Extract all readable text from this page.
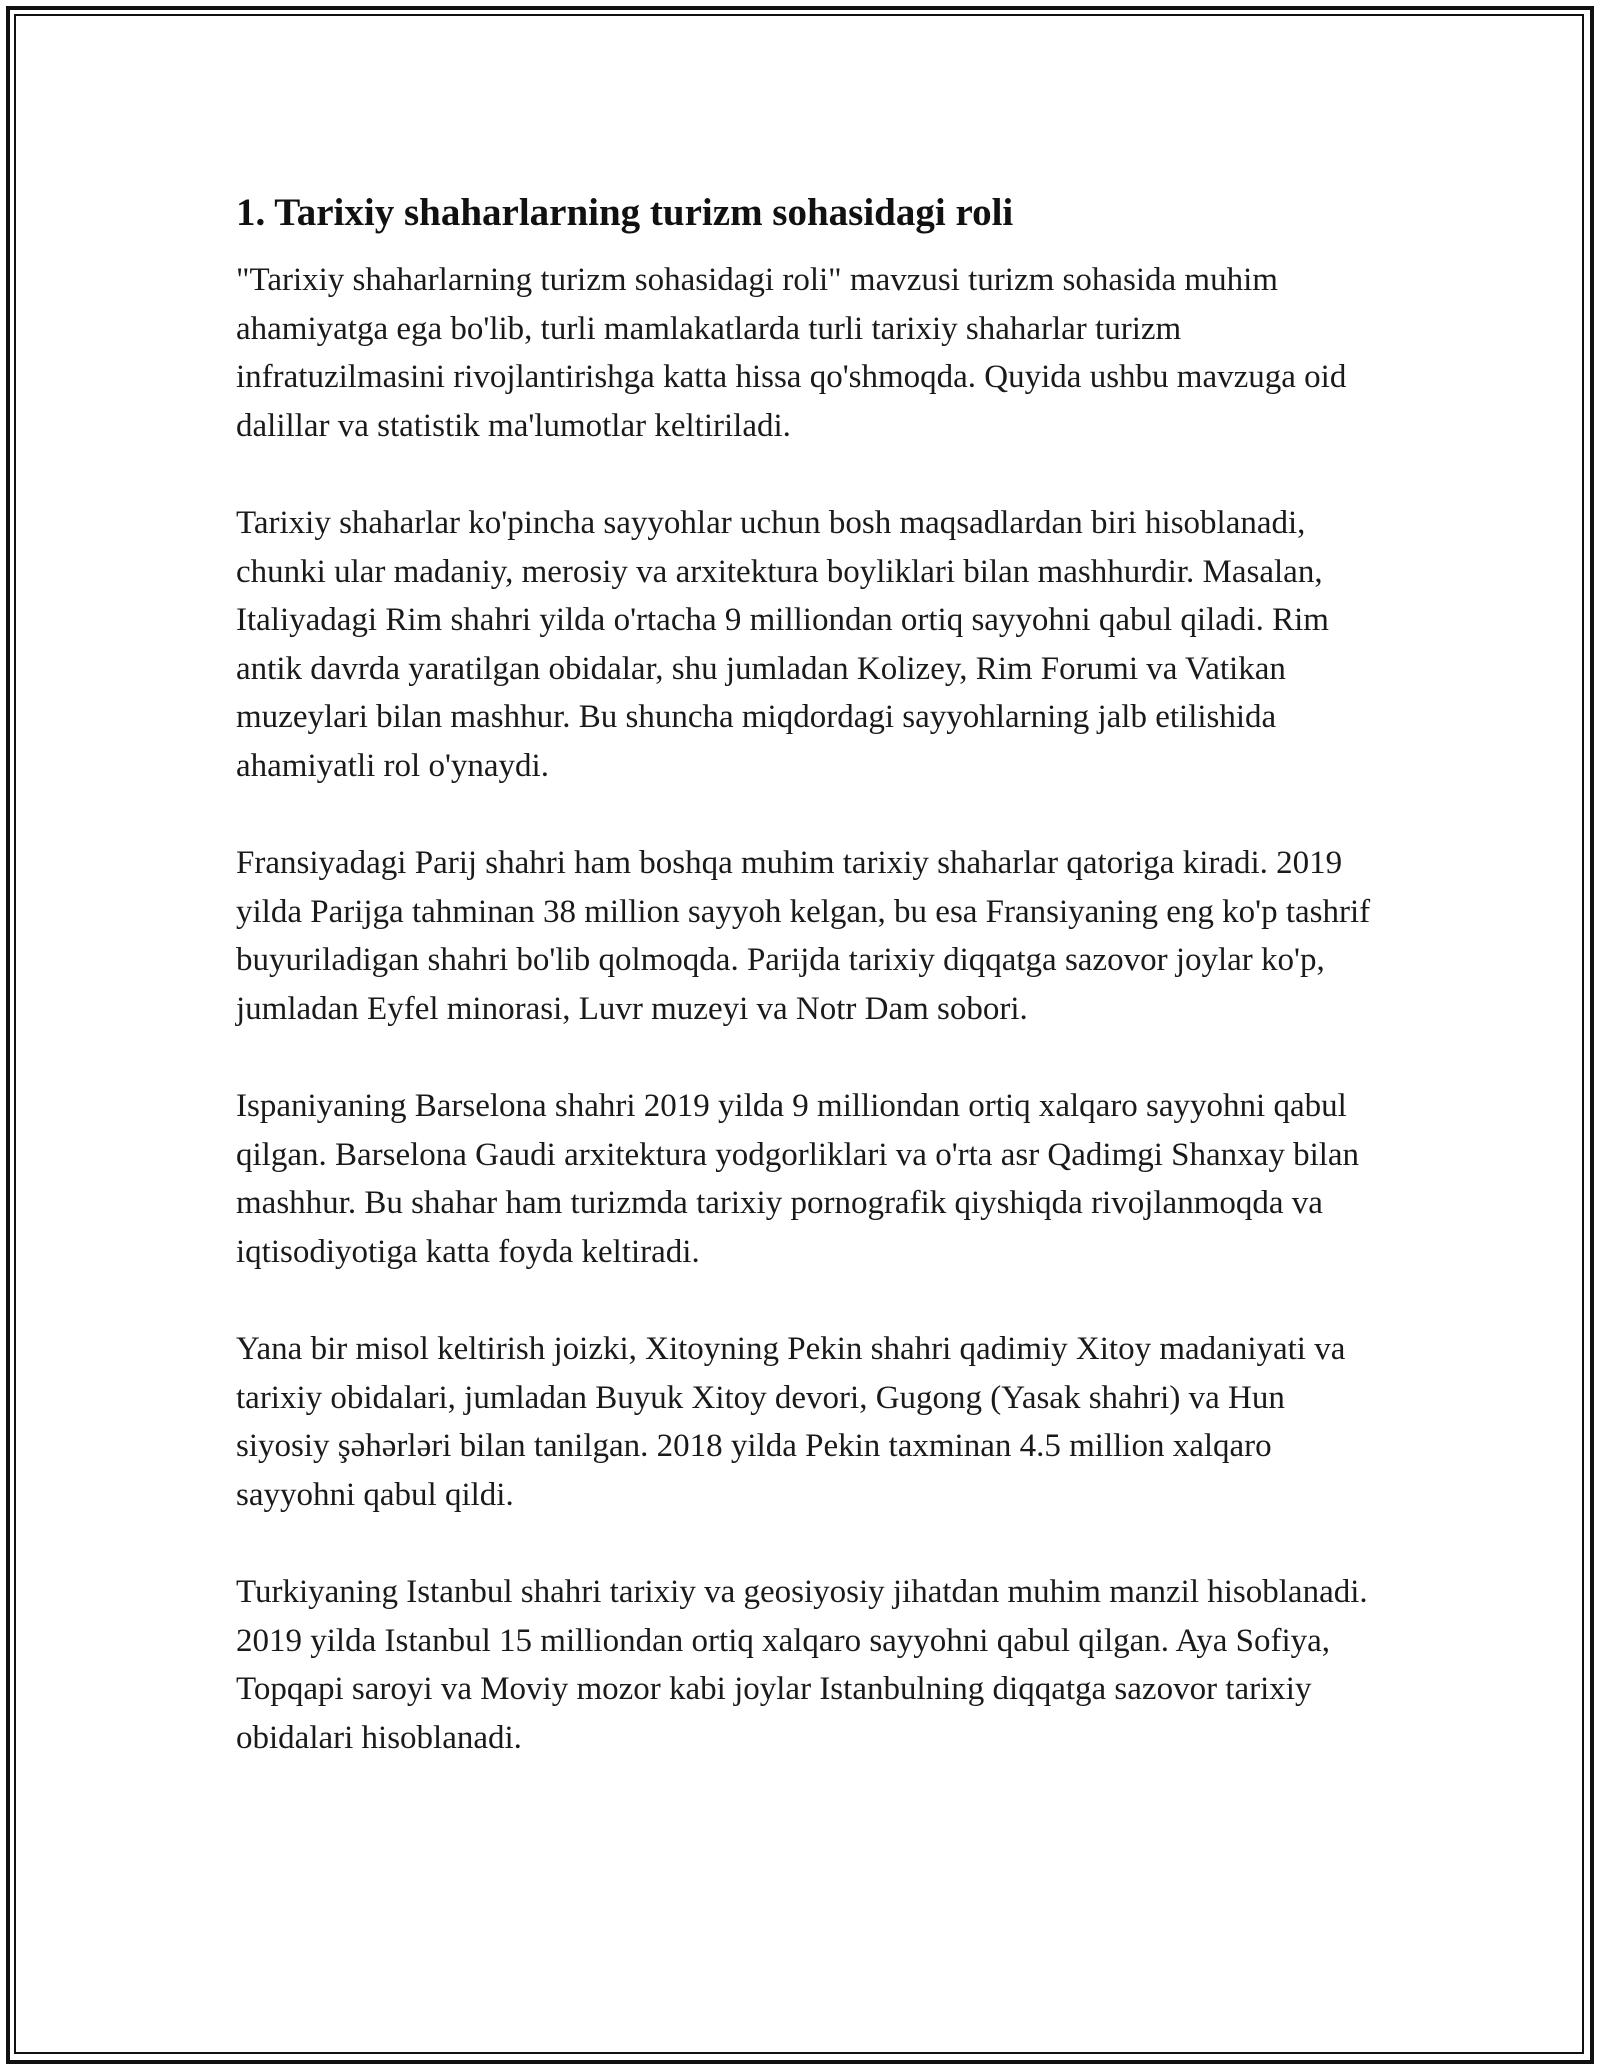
1. Tarixiy shaharlarning turizm sohasidagi roli

"Tarixiy shaharlarning turizm sohasidagi roli" mavzusi turizm sohasida muhim ahamiyatga ega bo'lib, turli mamlakatlarda turli tarixiy shaharlar turizm infratuzilmasini rivojlantirishga katta hissa qo'shmoqda. Quyida ushbu mavzuga oid dalillar va statistik ma'lumotlar keltiriladi.

Tarixiy shaharlar ko'pincha sayyohlar uchun bosh maqsadlardan biri hisoblanadi, chunki ular madaniy, merosiy va arxitektura boyliklari bilan mashhurdir. Masalan, Italiyadagi Rim shahri yilda o'rtacha 9 milliondan ortiq sayyohni qabul qiladi. Rim antik davrda yaratilgan obidalar, shu jumladan Kolizey, Rim Forumi va Vatikan muzeylari bilan mashhur. Bu shuncha miqdordagi sayyohlarning jalb etilishida ahamiyatli rol o'ynaydi.

Fransiyadagi Parij shahri ham boshqa muhim tarixiy shaharlar qatoriga kiradi. 2019 yilda Parijga tahminan 38 million sayyoh kelgan, bu esa Fransiyaning eng ko'p tashrif buyuriladigan shahri bo'lib qolmoqda. Parijda tarixiy diqqatga sazovor joylar ko'p, jumladan Eyfel minorasi, Luvr muzeyi va Notr Dam sobori.

Ispaniyaning Barselona shahri 2019 yilda 9 milliondan ortiq xalqaro sayyohni qabul qilgan. Barselona Gaudi arxitektura yodgorliklari va o'rta asr Qadimgi Shanxay bilan mashhur. Bu shahar ham turizmda tarixiy pornografik qiyshiqda rivojlanmoqda va iqtisodiyotiga katta foyda keltiradi.

Yana bir misol keltirish joizki, Xitoyning Pekin shahri qadimiy Xitoy madaniyati va tarixiy obidalari, jumladan Buyuk Xitoy devori, Gugong (Yasak shahri) va Hun siyosiy şəhərləri bilan tanilgan. 2018 yilda Pekin taxminan 4.5 million xalqaro sayyohni qabul qildi.

Turkiyaning Istanbul shahri tarixiy va geosiyosiy jihatdan muhim manzil hisoblanadi. 2019 yilda Istanbul 15 milliondan ortiq xalqaro sayyohni qabul qilgan. Aya Sofiya, Topqapi saroyi va Moviy mozor kabi joylar Istanbulning diqqatga sazovor tarixiy obidalari hisoblanadi.
